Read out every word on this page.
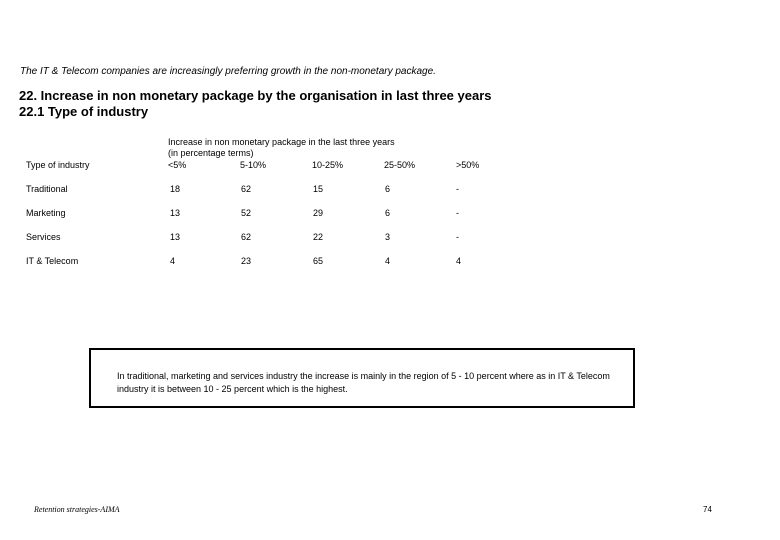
The IT & Telecom companies are increasingly preferring growth in the non-monetary package.
22. Increase in non monetary package by the organisation in last three years
22.1 Type of industry
Increase in non monetary package in the last three years
(in percentage terms)
Type of industry	<5%	5-10%	10-25%	25-50%	>50%
Traditional	18	62	15	6	-
Marketing	13	52	29	6	-
Services	13	62	22	3	-
IT & Telecom	4	23	65	4	4
In traditional, marketing and services industry the increase is mainly in the region of 5 - 10 percent where as in IT & Telecom industry it is between 10 - 25 percent which is the highest.
Retention strategies-AIMA	74
